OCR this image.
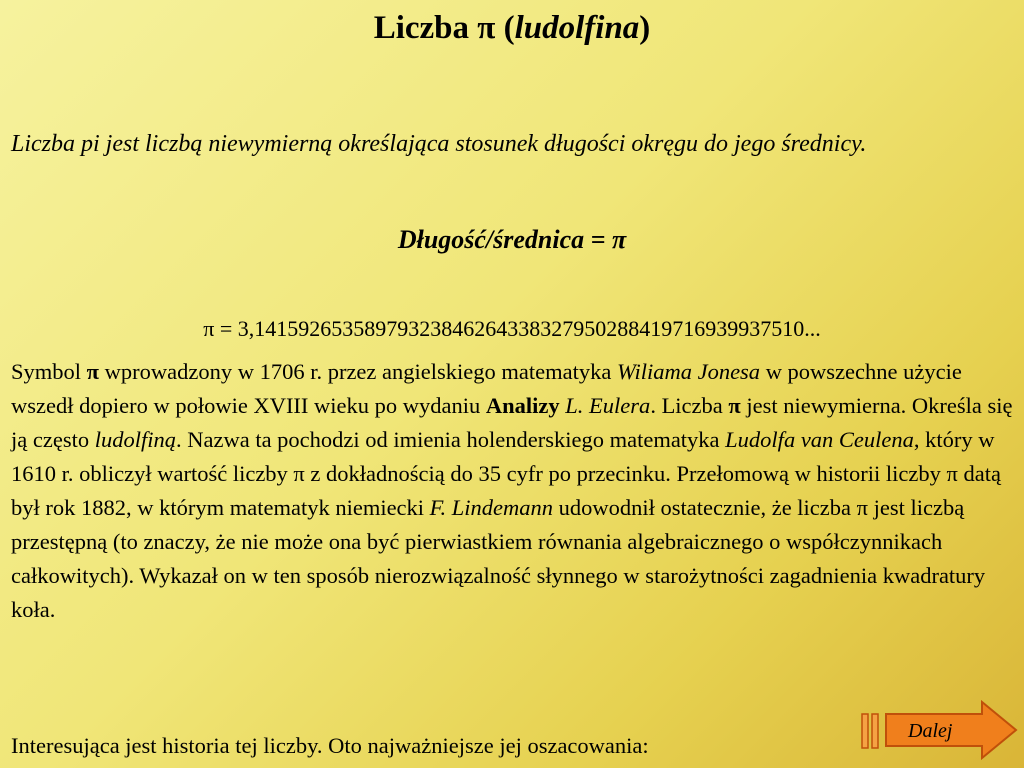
Liczba π (ludolfina)

Liczba pi jest liczbą niewymierną określająca stosunek długości okręgu do jego średnicy.

Długość/średnica = π

π = 3,14159265358979323846264338327950288419716939937510...

Symbol π wprowadzony w 1706 r. przez angielskiego matematyka Wiliama Jonesa w powszechne użycie wszedł dopiero w połowie XVIII wieku po wydaniu Analizy L. Eulera. Liczba π jest niewymierna. Określa się ją często ludolfiną. Nazwa ta pochodzi od imienia holenderskiego matematyka Ludolfa van Ceulena, który w 1610 r. obliczył wartość liczby π z dokładnością do 35 cyfr po przecinku. Przełomową w historii liczby π datą był rok 1882, w którym matematyk niemiecki F. Lindemann udowodnił ostatecznie, że liczba π jest liczbą przestępną (to znaczy, że nie może ona być pierwiastkiem równania algebraicznego o współczynnikach całkowitych). Wykazał on w ten sposób nierozwiązalność słynnego w starożytności zagadnienia kwadratury koła.

Interesująca jest historia tej liczby. Oto najważniejsze jej oszacowania:

Dalej
